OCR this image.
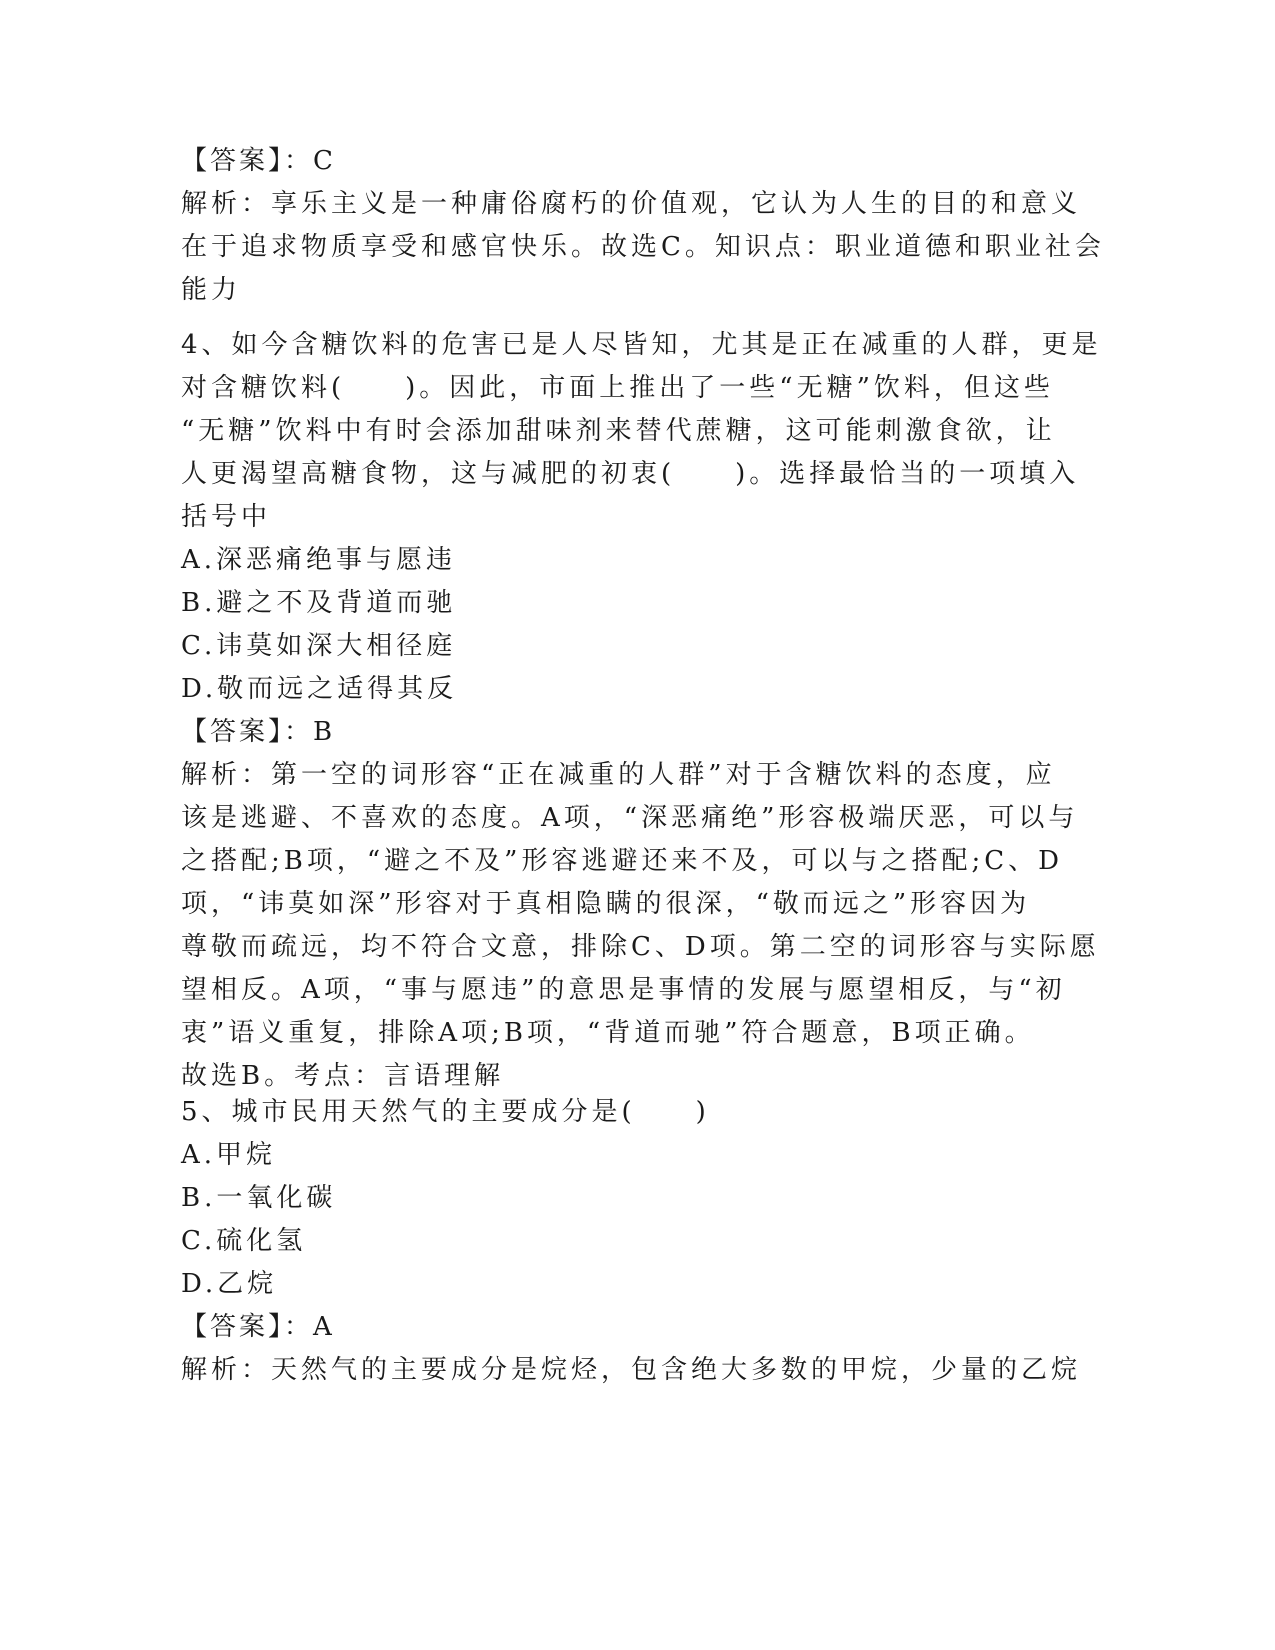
【答案】：C
解析：享乐主义是一种庸俗腐朽的价值观，它认为人生的目的和意义
在于追求物质享受和感官快乐。故选C。知识点：职业道德和职业社会
能力
4、如今含糖饮料的危害已是人尽皆知，尤其是正在减重的人群，更是
对含糖饮料(　　)。因此，市面上推出了一些“无糖”饮料，但这些
“无糖”饮料中有时会添加甜味剂来替代蔗糖，这可能刺激食欲，让
人更渴望高糖食物，这与减肥的初衷(　　)。选择最恰当的一项填入
括号中
A.深恶痛绝事与愿违
B.避之不及背道而驰
C.讳莫如深大相径庭
D.敬而远之适得其反
【答案】：B
解析：第一空的词形容“正在减重的人群”对于含糖饮料的态度，应
该是逃避、不喜欢的态度。A项，“深恶痛绝”形容极端厌恶，可以与
之搭配;B项，“避之不及”形容逃避还来不及，可以与之搭配;C、D
项，“讳莫如深”形容对于真相隐瞒的很深，“敬而远之”形容因为
尊敬而疏远，均不符合文意，排除C、D项。第二空的词形容与实际愿
望相反。A项，“事与愿违”的意思是事情的发展与愿望相反，与“初
衷”语义重复，排除A项;B项，“背道而驰”符合题意，B项正确。
故选B。考点：言语理解
5、城市民用天然气的主要成分是(　　)
A.甲烷
B.一氧化碳
C.硫化氢
D.乙烷
【答案】：A
解析：天然气的主要成分是烷烃，包含绝大多数的甲烷，少量的乙烷
